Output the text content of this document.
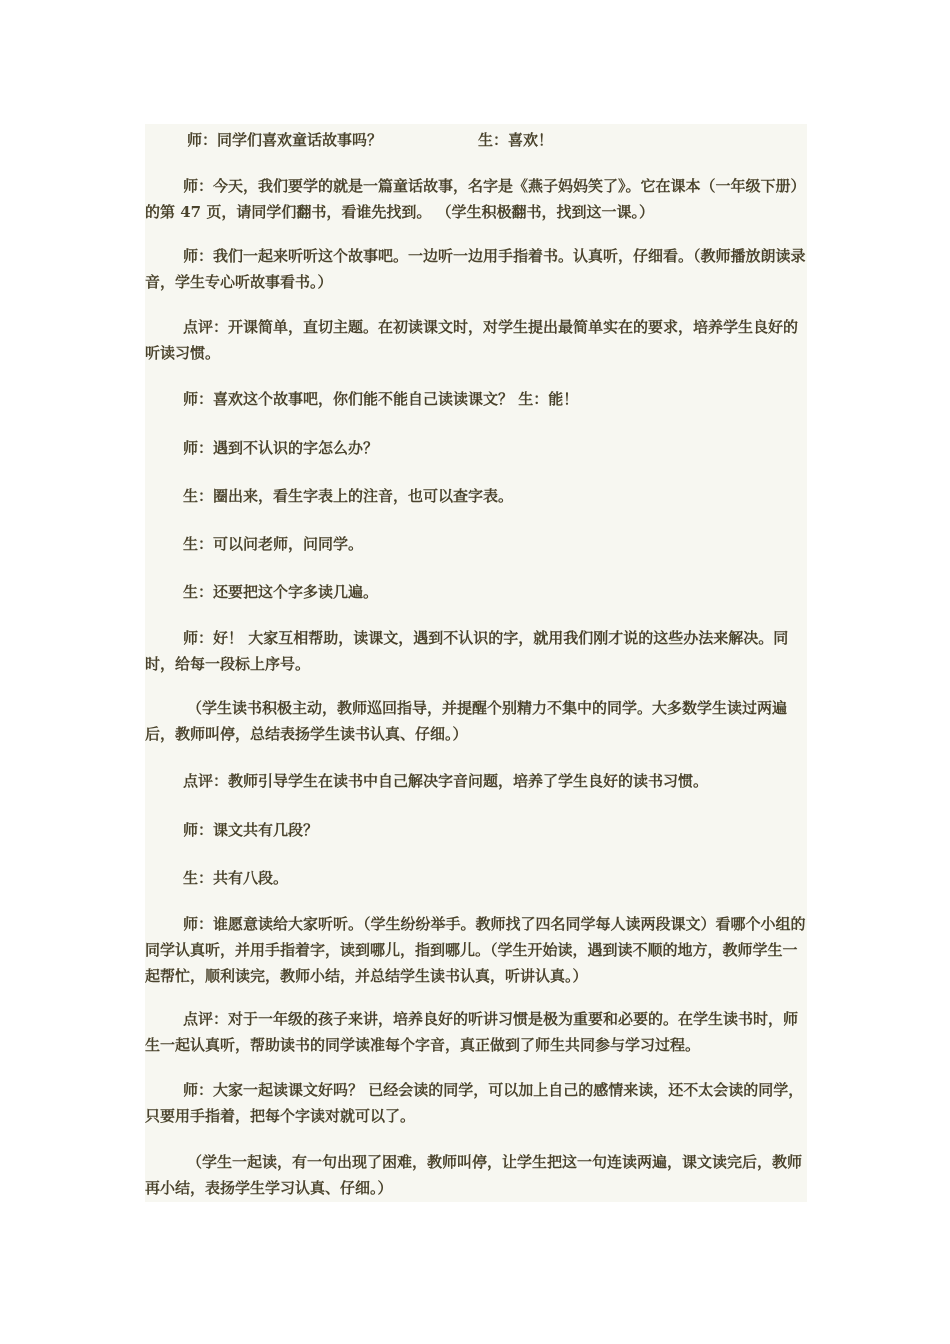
师：同学们喜欢童话故事吗？	生：喜欢！

师：今天，我们要学的就是一篇童话故事，名字是《燕子妈妈笑了》。它在课本（一年级下册）的第 47 页，请同学们翻书，看谁先找到。 （学生积极翻书，找到这一课。）

师：我们一起来听听这个故事吧。一边听一边用手指着书。认真听，仔细看。（教师播放朗读录音，学生专心听故事看书。）

点评：开课简单，直切主题。在初读课文时，对学生提出最简单实在的要求，培养学生良好的听读习惯。

师：喜欢这个故事吧，你们能不能自己读读课文？ 生：能！

师：遇到不认识的字怎么办？

生：圈出来，看生字表上的注音，也可以查字表。

生：可以问老师，问同学。

生：还要把这个字多读几遍。

师：好！ 大家互相帮助，读课文，遇到不认识的字，就用我们刚才说的这些办法来解决。同时，给每一段标上序号。

（学生读书积极主动，教师巡回指导，并提醒个别精力不集中的同学。大多数学生读过两遍后，教师叫停，总结表扬学生读书认真、仔细。）

点评：教师引导学生在读书中自己解决字音问题，培养了学生良好的读书习惯。

师：课文共有几段？

生：共有八段。

师：谁愿意读给大家听听。（学生纷纷举手。教师找了四名同学每人读两段课文）看哪个小组的同学认真听，并用手指着字，读到哪儿，指到哪儿。（学生开始读，遇到读不顺的地方，教师学生一起帮忙，顺利读完，教师小结，并总结学生读书认真，听讲认真。）

点评：对于一年级的孩子来讲，培养良好的听讲习惯是极为重要和必要的。在学生读书时，师生一起认真听，帮助读书的同学读准每个字音，真正做到了师生共同参与学习过程。

师：大家一起读课文好吗？ 已经会读的同学，可以加上自己的感情来读，还不太会读的同学，只要用手指着，把每个字读对就可以了。

（学生一起读，有一句出现了困难，教师叫停，让学生把这一句连读两遍，课文读完后，教师再小结，表扬学生学习认真、仔细。）
